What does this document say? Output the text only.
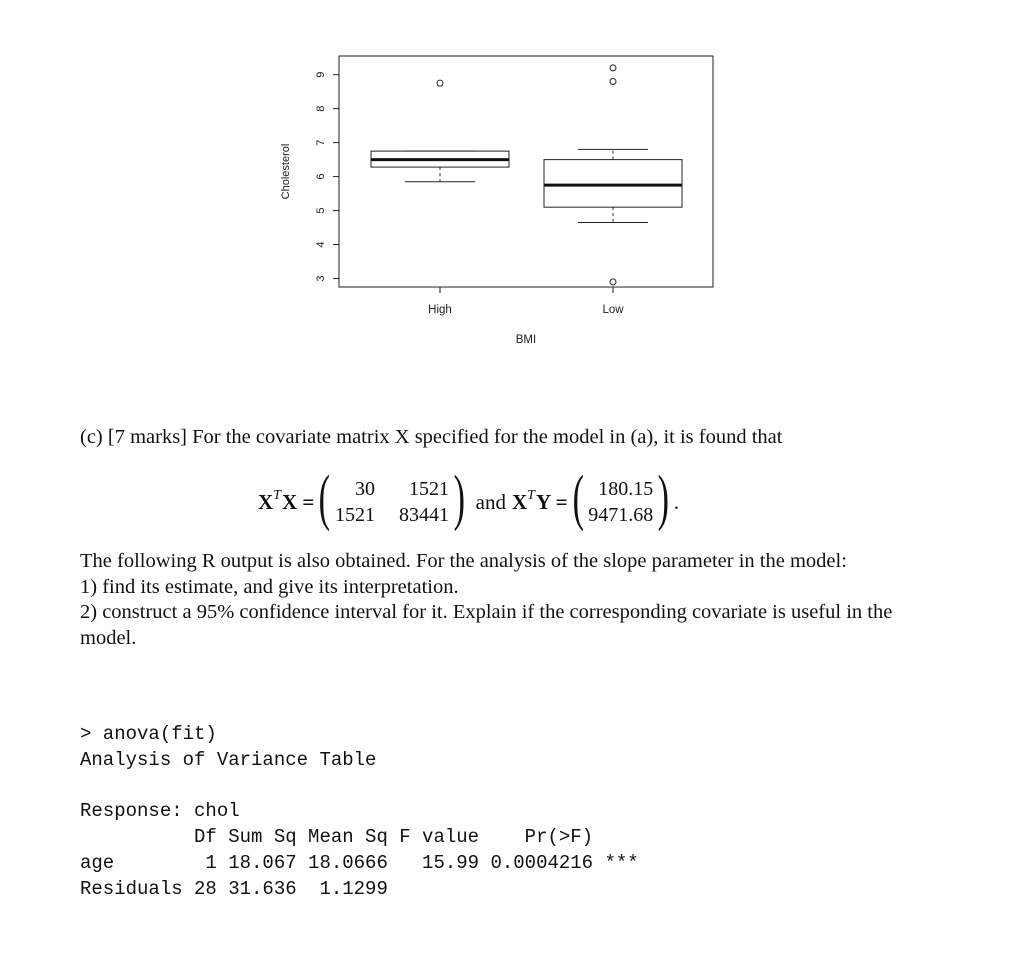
3
4
5
6
7
8
9
Cholesterol
High	Low
BMI

(c) [7 marks] For the covariate matrix X specified for the model in (a), it is found that

$X^T$ X = (	30	1521
1521 83441 ) and $X^T$ Y = ( 180.15
9471.68 ) .

The following R output is also obtained. For the analysis of the slope parameter in the model:

1) find its estimate, and give its interpretation.

2) construct a 95% confidence interval for it. Explain if the corresponding covariate is useful in the model.

> anova(fit)
Analysis of Variance Table

Response: chol
Df Sum Sq Mean Sq F value    Pr(>F)
age        1 18.067 18.0666   15.99 0.0004216 ***
Residuals 28 31.636  1.1299
